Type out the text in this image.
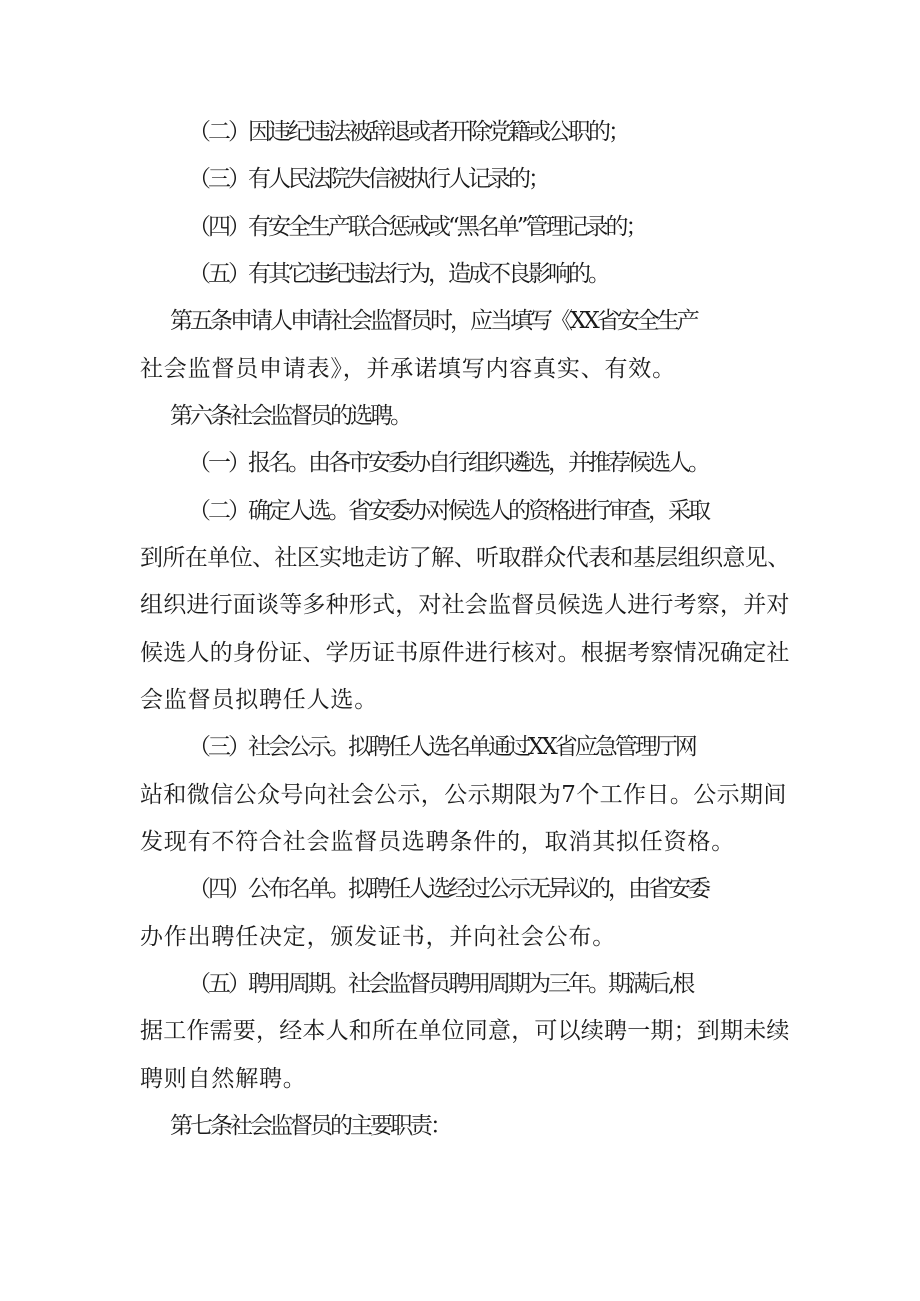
（二）因违纪违法被辞退或者开除党籍或公职的；
（三）有人民法院失信被执行人记录的；
（四）有安全生产联合惩戒或“黑名单”管理记录的；
（五）有其它违纪违法行为，造成不良影响的。
第五条申请人申请社会监督员时，应当填写《XX省安全生产
社会监督员申请表》，并承诺填写内容真实、有效。
第六条社会监督员的选聘。
（一）报名。由各市安委办自行组织遴选，并推荐候选人。
（二）确定人选。省安委办对候选人的资格进行审查，采取
到所在单位、社区实地走访了解、听取群众代表和基层组织意见、
组织进行面谈等多种形式，对社会监督员候选人进行考察，并对
候选人的身份证、学历证书原件进行核对。根据考察情况确定社
会监督员拟聘任人选。
（三）社会公示。拟聘任人选名单通过XX省应急管理厅网
站和微信公众号向社会公示，公示期限为7个工作日。公示期间
发现有不符合社会监督员选聘条件的，取消其拟任资格。
（四）公布名单。拟聘任人选经过公示无异议的，由省安委
办作出聘任决定，颁发证书，并向社会公布。
（五）聘用周期。社会监督员聘用周期为三年。期满后,根
据工作需要，经本人和所在单位同意，可以续聘一期；到期未续
聘则自然解聘。
第七条社会监督员的主要职责：
